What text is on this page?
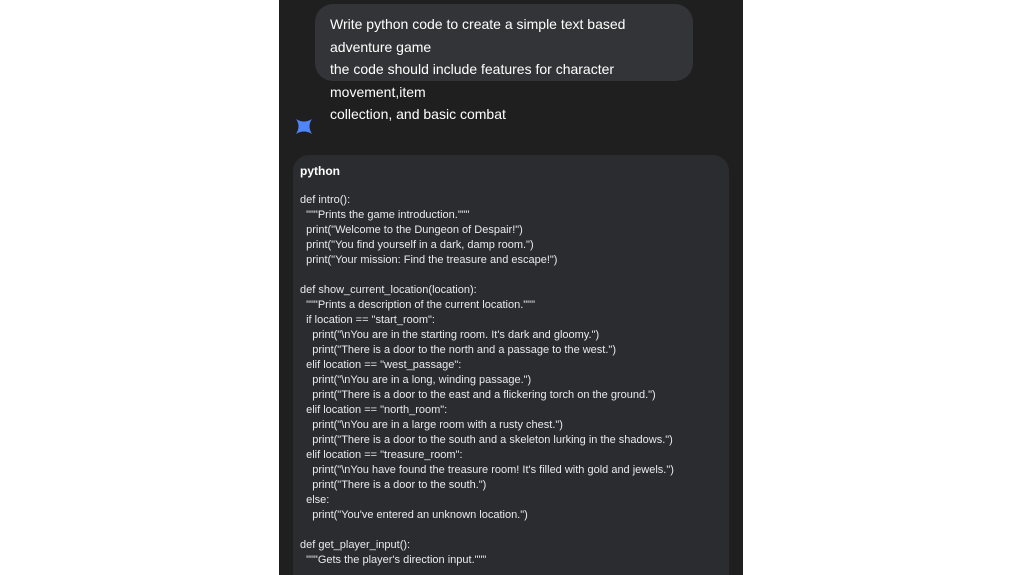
Write python code to create a simple text based adventure game

the code should include features for character movement,item

collection, and basic combat

python
def intro():
"""Prints the game introduction."""
print("Welcome to the Dungeon of Despair!")
print("You find yourself in a dark, damp room.")
print("Your mission: Find the treasure and escape!")
def show_current_location(location):
"""Prints a description of the current location."""
if location == "start_room":
print("\nYou are in the starting room. It's dark and gloomy.")
print("There is a door to the north and a passage to the west.")
elif location == "west_passage":
print("\nYou are in a long, winding passage.")
print("There is a door to the east and a flickering torch on the ground.")
elif location == "north_room":
print("\nYou are in a large room with a rusty chest.")
print("There is a door to the south and a skeleton lurking in the shadows.")
elif location == "treasure_room":
print("\nYou have found the treasure room! It's filled with gold and jewels.")
print("There is a door to the south.")
else:
print("You've entered an unknown location.")
def get_player_input():
"""Gets the player's direction input."""
